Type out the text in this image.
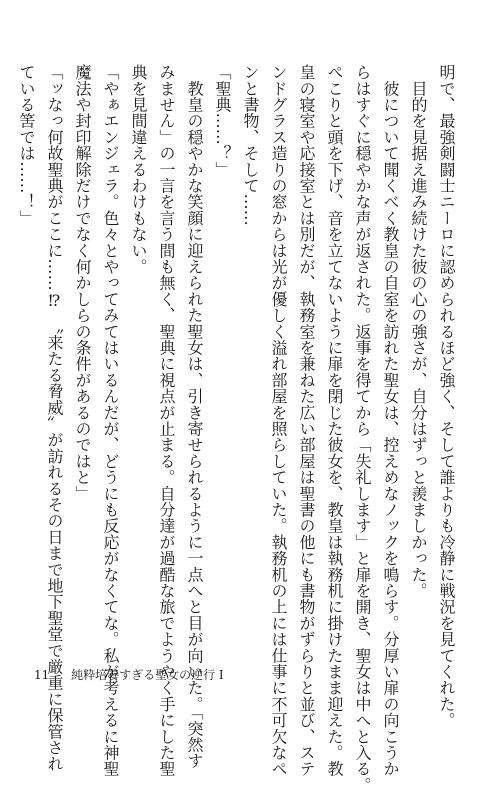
明で、最強剣闘士ニーロに認められるほど強く、そして誰よりも冷静に戦況を見てくれた。
　目的を見据え進み続けた彼の心の強さが、自分はずっと羨ましかった。
　彼について聞くべく教皇の自室を訪れた聖女は、控えめなノックを鳴らす。分厚い扉の向こうか
らはすぐに穏やかな声が返された。返事を得てから「失礼します」と扉を開き、聖女は中へと入る。
ぺこりと頭を下げ、音を立てないように扉を閉じた彼女を、教皇は執務机に掛けたまま迎えた。教
皇の寝室や応接室とは別だが、執務室を兼ねた広い部屋は聖書の他にも書物がずらりと並び、ステ
ンドグラス造りの窓からは光が優しく溢れ部屋を照らしていた。執務机の上には仕事に不可欠なペ
ンと書物、そして……
「聖典……？」
　教皇の穏やかな笑顔に迎えられた聖女は、引き寄せられるように一点へと目が向いた。「突然す
みません」の一言を言う間も無く、聖典に視点が止まる。自分達が過酷な旅でようやく手にした聖
典を見間違えるわけもない。
「やぁエンジェラ。色々とやってみてはいるんだが、どうにも反応がなくてな。私が考えるに神聖
魔法や封印解除だけでなく何かしらの条件があるのではと」
「ッなっ何故聖典がここに……⁉　〝来たる脅威〟が訪れるその日まで地下聖堂で厳重に保管され
ている筈では……！」
11 純粋培養すぎる聖女の逆行 Ⅰ
